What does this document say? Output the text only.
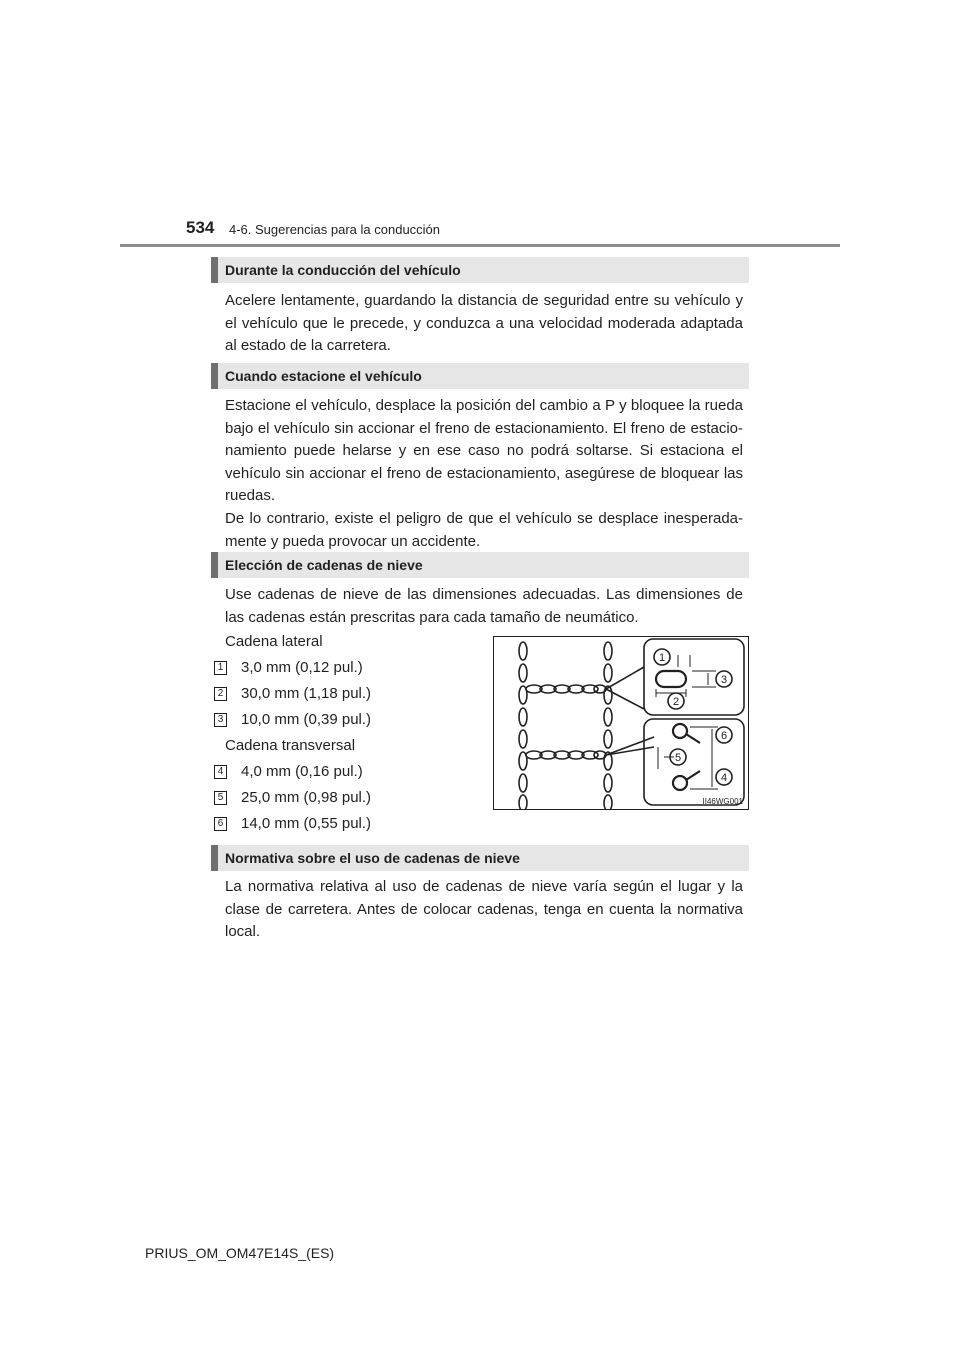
534 4-6. Sugerencias para la conducción
Durante la conducción del vehículo

Acelere lentamente, guardando la distancia de seguridad entre su vehículo y el vehículo que le precede, y conduzca a una velocidad moderada adaptada al estado de la carretera.

Cuando estacione el vehículo

Estacione el vehículo, desplace la posición del cambio a P y bloquee la rueda bajo el vehículo sin accionar el freno de estacionamiento. El freno de estacio-namiento puede helarse y en ese caso no podrá soltarse. Si estaciona el vehículo sin accionar el freno de estacionamiento, asegúrese de bloquear las ruedas.

De lo contrario, existe el peligro de que el vehículo se desplace inesperada-mente y pueda provocar un accidente.

Elección de cadenas de nieve

Use cadenas de nieve de las dimensiones adecuadas. Las dimensiones de las cadenas están prescritas para cada tamaño de neumático.

Cadena lateral
1 3,0 mm (0,12 pul.)
2 30,0 mm (1,18 pul.)
3 10,0 mm (0,39 pul.)
Cadena transversal
4 4,0 mm (0,16 pul.)
5 25,0 mm (0,98 pul.)
6 14,0 mm (0,55 pul.)
1
2
3
4
5
6
II46WG001
Normativa sobre el uso de cadenas de nieve

La normativa relativa al uso de cadenas de nieve varía según el lugar y la clase de carretera. Antes de colocar cadenas, tenga en cuenta la normativa local.

PRIUS_OM_OM47E14S_(ES)
